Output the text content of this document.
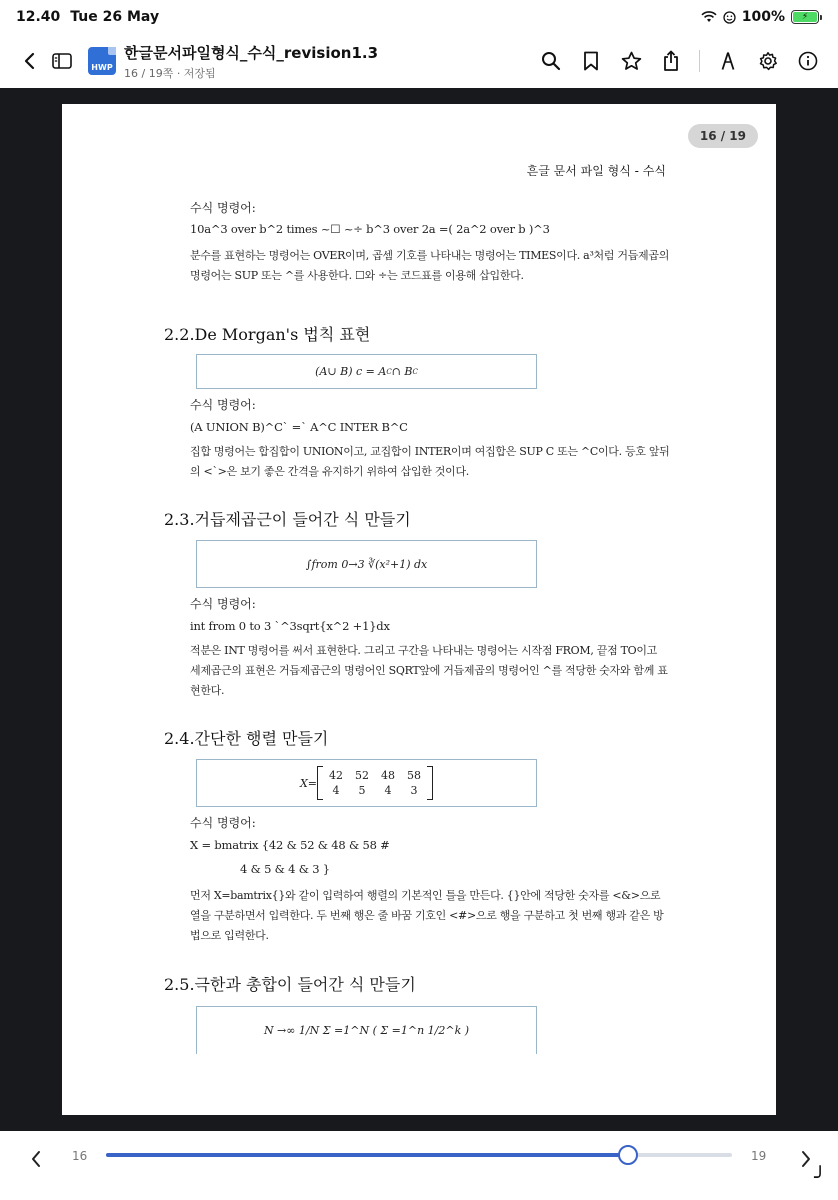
12.40 Tue 26 May	100%	⚡
HWP
한글문서파일형식_수식_revision1.3
16 / 19쪽 · 저장됨
16 / 19
흔글 문서 파일 형식 - 수식
수식 명령어:
10a^3 over b^2 times ~☐ ~÷ b^3 over 2a =( 2a^2 over b )^3
분수를 표현하는 명령어는 OVER이며, 곱셈 기호를 나타내는 명령어는 TIMES이다. a³처럼 거듭제곱의 명령어는 SUP 또는 ^를 사용한다. ☐와 ÷는 코드표를 이용해 삽입한다.
2.2.De Morgan's 법칙 표현
(A∪ B) c = A C ∩ B C
수식 명령어:
(A UNION B)^C` =` A^C INTER B^C
집합 명령어는 합집합이 UNION이고, 교집합이 INTER이며 여집합은 SUP C 또는 ^C이다. 등호 앞뒤의 <`>은 보기 좋은 간격을 유지하기 위하여 삽입한 것이다.
2.3.거듭제곱근이 들어간 식 만들기
∫from 0→3 ∛(x²+1) dx
수식 명령어:
int from 0 to 3 `^3sqrt{x^2 +1}dx
적분은 INT 명령어를 써서 표현한다. 그리고 구간을 나타내는 명령어는 시작점 FROM, 끝점 TO이고 세제곱근의 표현은 거듭제곱근의 명령어인 SQRT앞에 거듭제곱의 명령어인 ^를 적당한 숫자와 함께 표현한다.
2.4.간단한 행렬 만들기
X=
42	52	48	58
4	5	4	3
수식 명령어:
X = bmatrix {42 & 52 & 48 & 58 #
4 & 5 & 4 & 3 }
먼저 X=bamtrix{}와 같이 입력하여 행렬의 기본적인 틀을 만든다. {}안에 적당한 숫자를 <&>으로 열을 구분하면서 입력한다. 두 번째 행은 줄 바꿈 기호인 <#>으로 행을 구분하고 첫 번째 행과 같은 방법으로 입력한다.
2.5.극한과 총합이 들어간 식 만들기
N →∞ 1/N Σ =1^N ( Σ =1^n 1/2^k )
16	19
╯
